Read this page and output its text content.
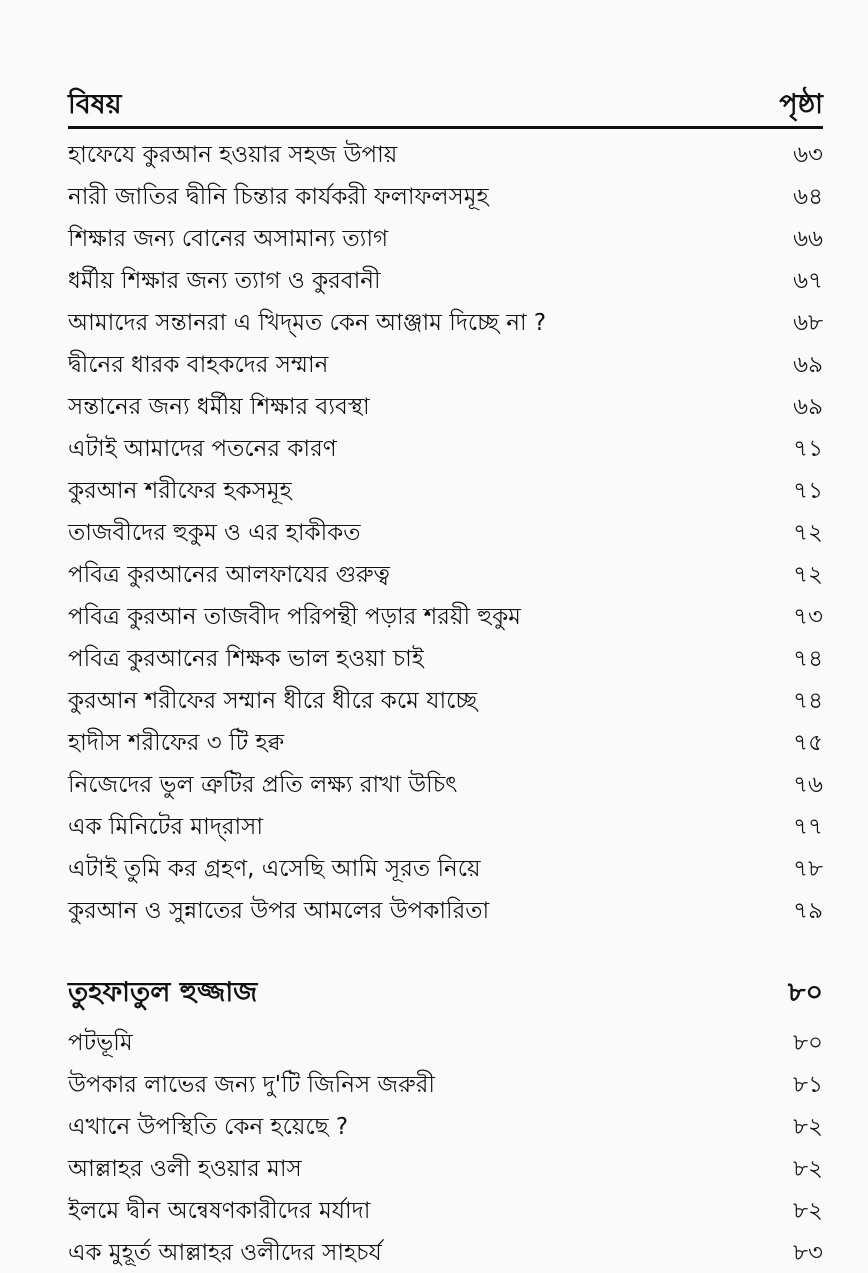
বিষয়	পৃষ্ঠা
হাফেযে কুরআন হওয়ার সহজ উপায়	৬৩
নারী জাতির দ্বীনি চিন্তার কার্যকরী ফলাফলসমূহ	৬৪
শিক্ষার জন্য বোনের অসামান্য ত্যাগ	৬৬
ধর্মীয় শিক্ষার জন্য ত্যাগ ও কুরবানী	৬৭
আমাদের সন্তানরা এ খিদ্‌মত কেন আঞ্জাম দিচ্ছে না ?	৬৮
দ্বীনের ধারক বাহকদের সম্মান	৬৯
সন্তানের জন্য ধর্মীয় শিক্ষার ব্যবস্থা	৬৯
এটাই আমাদের পতনের কারণ	৭১
কুরআন শরীফের হকসমূহ	৭১
তাজবীদের হুকুম ও এর হাকীকত	৭২
পবিত্র কুরআনের আলফাযের গুরুত্ব	৭২
পবিত্র কুরআন তাজবীদ পরিপন্থী পড়ার শরয়ী হুকুম	৭৩
পবিত্র কুরআনের শিক্ষক ভাল হওয়া চাই	৭৪
কুরআন শরীফের সম্মান ধীরে ধীরে কমে যাচ্ছে	৭৪
হাদীস শরীফের ৩ টি হক্ব	৭৫
নিজেদের ভুল ত্রুটির প্রতি লক্ষ্য রাখা উচিৎ	৭৬
এক মিনিটের মাদ্‌রাসা	৭৭
এটাই তুমি কর গ্রহণ, এসেছি আমি সূরত নিয়ে	৭৮
কুরআন ও সুন্নাতের উপর আমলের উপকারিতা	৭৯
তুহফাতুল হুজ্জাজ	৮০
পটভূমি	৮০
উপকার লাভের জন্য দু'টি জিনিস জরুরী	৮১
এখানে উপস্থিতি কেন হয়েছে ?	৮২
আল্লাহর ওলী হওয়ার মাস	৮২
ইলমে দ্বীন অন্বেষণকারীদের মর্যাদা	৮২
এক মুহূর্ত আল্লাহর ওলীদের সাহচর্য	৮৩
